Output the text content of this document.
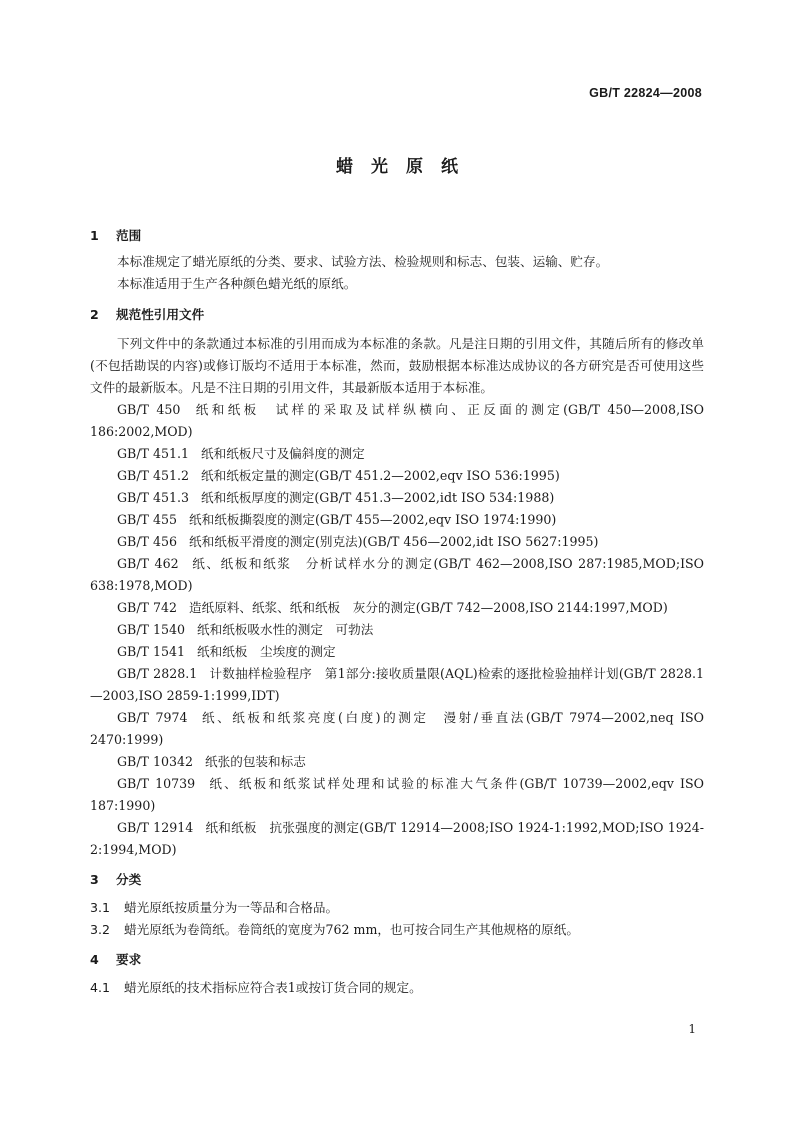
GB/T 22824—2008
蜡光原纸
1 范围

本标准规定了蜡光原纸的分类、要求、试验方法、检验规则和标志、包装、运输、贮存。

本标准适用于生产各种颜色蜡光纸的原纸。

2 规范性引用文件

下列文件中的条款通过本标准的引用而成为本标准的条款。凡是注日期的引用文件，其随后所有的修改单(不包括勘误的内容)或修订版均不适用于本标准，然而，鼓励根据本标准达成协议的各方研究是否可使用这些文件的最新版本。凡是不注日期的引用文件，其最新版本适用于本标准。

GB/T 450 纸和纸板　试样的采取及试样纵横向、正反面的测定(GB/T 450—2008,ISO 186:2002,MOD)

GB/T 451.1 纸和纸板尺寸及偏斜度的测定

GB/T 451.2 纸和纸板定量的测定(GB/T 451.2—2002,eqv ISO 536:1995)

GB/T 451.3 纸和纸板厚度的测定(GB/T 451.3—2002,idt ISO 534:1988)

GB/T 455 纸和纸板撕裂度的测定(GB/T 455—2002,eqv ISO 1974:1990)

GB/T 456 纸和纸板平滑度的测定(别克法)(GB/T 456—2002,idt ISO 5627:1995)

GB/T 462 纸、纸板和纸浆　分析试样水分的测定(GB/T 462—2008,ISO 287:1985,MOD;ISO 638:1978,MOD)

GB/T 742 造纸原料、纸浆、纸和纸板　灰分的测定(GB/T 742—2008,ISO 2144:1997,MOD)

GB/T 1540 纸和纸板吸水性的测定　可勃法

GB/T 1541 纸和纸板　尘埃度的测定

GB/T 2828.1 计数抽样检验程序　第1部分:接收质量限(AQL)检索的逐批检验抽样计划(GB/T 2828.1—2003,ISO 2859-1:1999,IDT)

GB/T 7974 纸、纸板和纸浆亮度(白度)的测定　漫射/垂直法(GB/T 7974—2002,neq ISO 2470:1999)

GB/T 10342 纸张的包装和标志

GB/T 10739 纸、纸板和纸浆试样处理和试验的标准大气条件(GB/T 10739—2002,eqv ISO 187:1990)

GB/T 12914 纸和纸板　抗张强度的测定(GB/T 12914—2008;ISO 1924-1:1992,MOD;ISO 1924-2:1994,MOD)

3 分类

3.1 蜡光原纸按质量分为一等品和合格品。

3.2 蜡光原纸为卷筒纸。卷筒纸的宽度为762 mm，也可按合同生产其他规格的原纸。

4 要求

4.1 蜡光原纸的技术指标应符合表1或按订货合同的规定。

1
